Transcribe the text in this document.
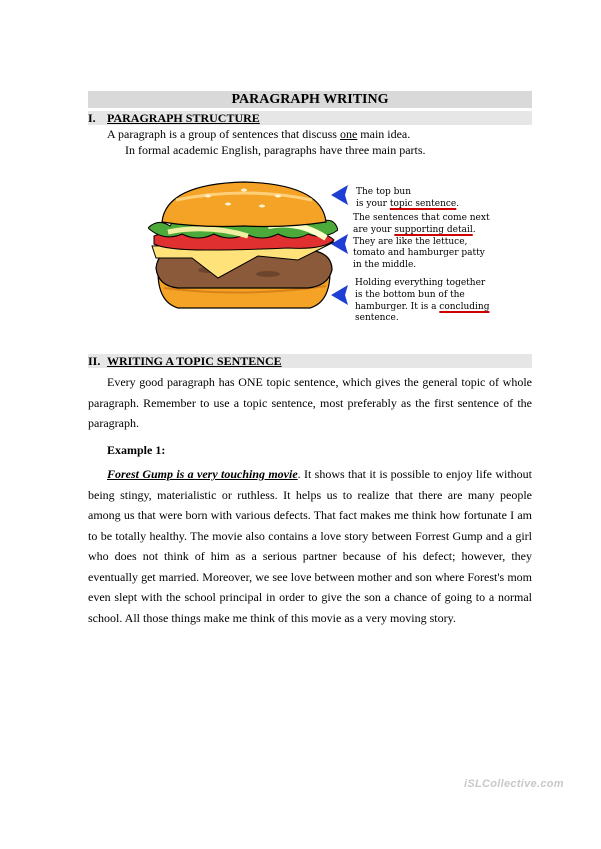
PARAGRAPH WRITING
I. PARAGRAPH STRUCTURE
A paragraph is a group of sentences that discuss one main idea.
In formal academic English, paragraphs have three main parts.
The top bun
is your topic sentence.
The sentences that come next
are your supporting detail.
They are like the lettuce,
tomato and hamburger patty
in the middle.
Holding everything together
is the bottom bun of the
hamburger. It is a concluding
sentence.
II. WRITING A TOPIC SENTENCE
Every good paragraph has ONE topic sentence, which gives the general topic of whole paragraph. Remember to use a topic sentence, most preferably as the first sentence of the paragraph.
Example 1:
Forest Gump is a very touching movie. It shows that it is possible to enjoy life without being stingy, materialistic or ruthless. It helps us to realize that there are many people among us that were born with various defects. That fact makes me think how fortunate I am to be totally healthy. The movie also contains a love story between Forrest Gump and a girl who does not think of him as a serious partner because of his defect; however, they eventually get married. Moreover, we see love between mother and son where Forest's mom even slept with the school principal in order to give the son a chance of going to a normal school. All those things make me think of this movie as a very moving story.
iSLCollective.com
